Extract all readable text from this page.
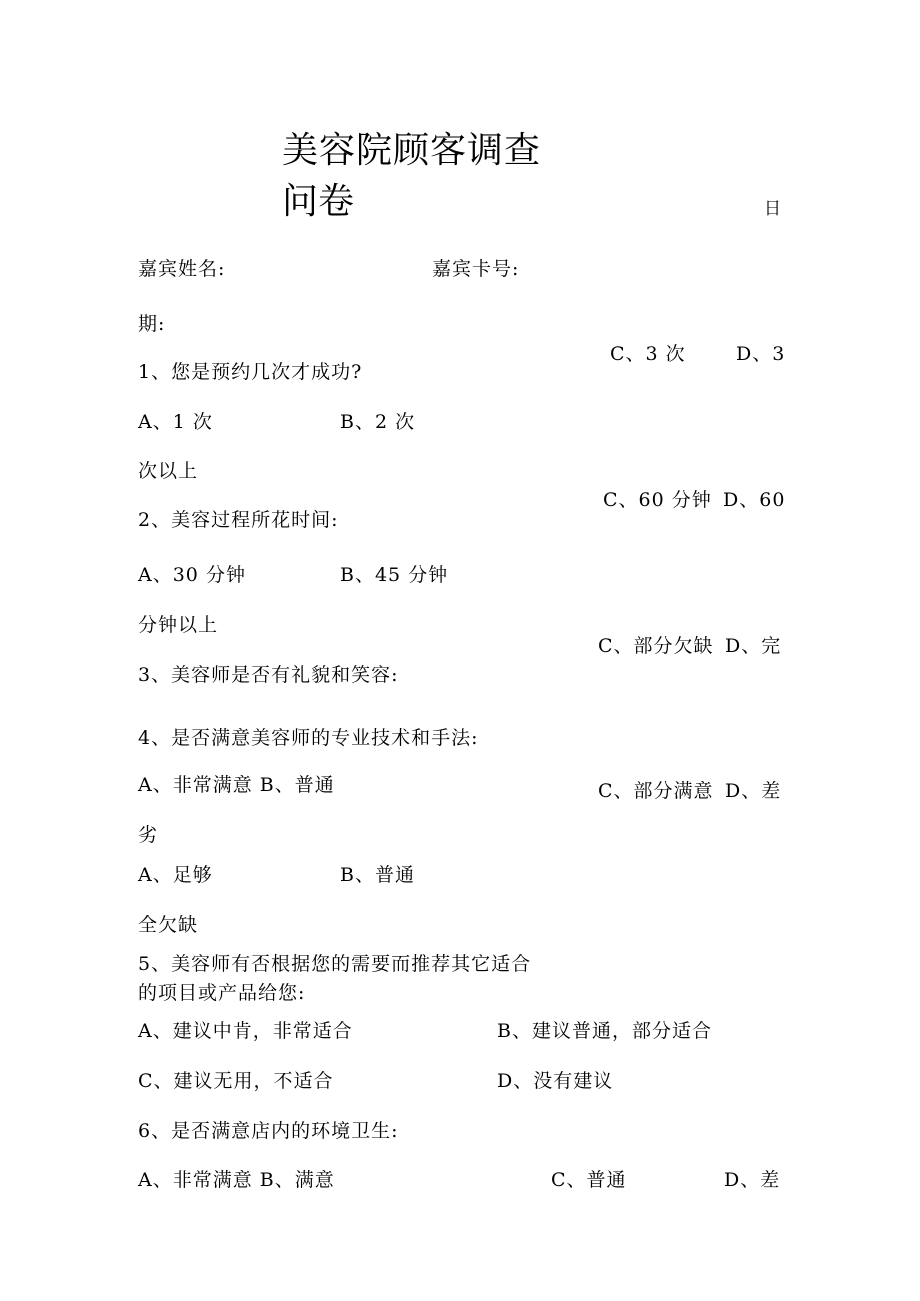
美容院顾客调查
问卷	日
嘉宾姓名:	嘉宾卡号:
期:
C、3 次	D、3
1、您是预约几次才成功?
A、1 次	B、2 次
次以上
C、60 分钟 D、60
2、美容过程所花时间:
A、30 分钟	B、45 分钟
分钟以上
C、部分欠缺 D、完
3、美容师是否有礼貌和笑容:
4、是否满意美容师的专业技术和手法:
A、非常满意 B、普通	C、部分满意 D、差
劣
A、足够	B、普通
全欠缺
5、美容师有否根据您的需要而推荐其它适合
的项目或产品给您:
A、建议中肯，非常适合	B、建议普通，部分适合
C、建议无用，不适合	D、没有建议
6、是否满意店内的环境卫生:
A、非常满意 B、满意	C、普通	D、差
